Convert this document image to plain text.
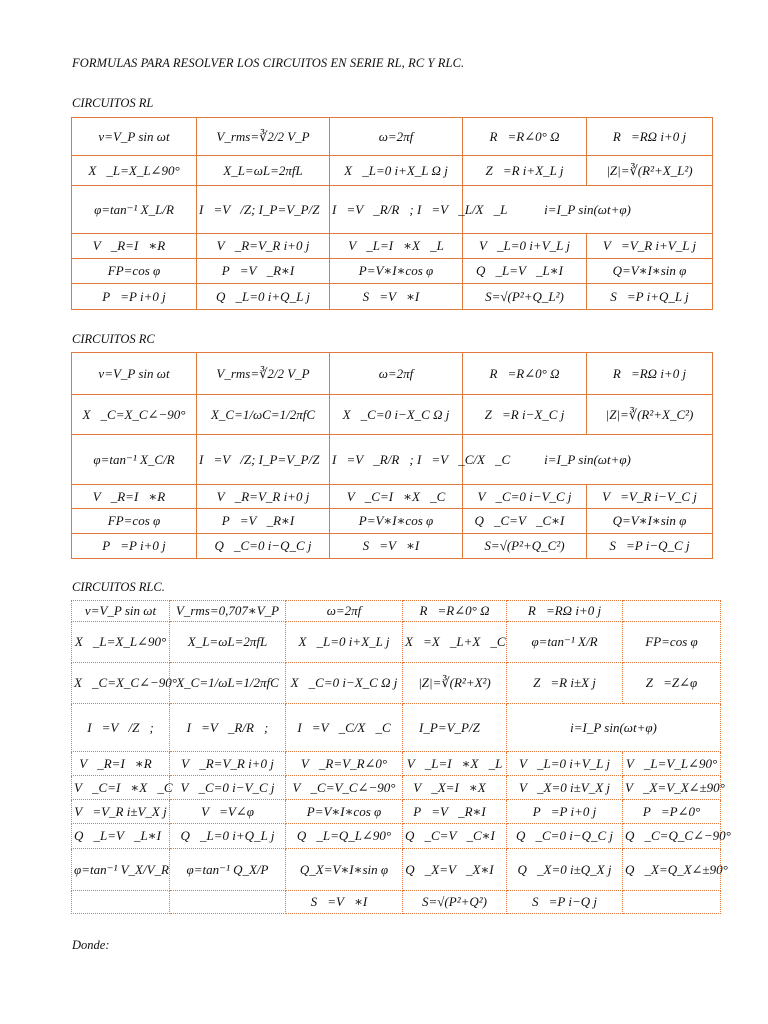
FORMULAS PARA RESOLVER LOS CIRCUITOS EN SERIE RL, RC Y RLC.
CIRCUITOS RL
v=V_P sin ωt	V_rms=∛2/2 V_P	ω=2πf	R⃗=R∠0° Ω	R⃗=RΩ i+0 j
X⃗_L=X_L∠90°	X_L=ωL=2πfL	X⃗_L=0 i+X_L Ω j	Z⃗=R i+X_L j	|Z|=∛(R²+X_L²)
φ=tan⁻¹ X_L/R	I⃗=V⃗/Z; I_P=V_P/Z⃗	I⃗=V⃗_R/R⃗; I⃗=V⃗_L/X⃗_L	i=I_P sin(ωt+φ)	
V⃗_R=I⃗∗R⃗	V⃗_R=V_R i+0 j	V⃗_L=I⃗∗X⃗_L	V⃗_L=0 i+V_L j	V⃗=V_R i+V_L j
FP=cos φ	P⃗=V⃗_R∗I⃗	P=V∗I∗cos φ	Q⃗_L=V⃗_L∗I⃗	Q=V∗I∗sin φ
P⃗=P i+0 j	Q⃗_L=0 i+Q_L j	S⃗=V⃗∗I⃗	S=√(P²+Q_L²)	S⃗=P i+Q_L j
CIRCUITOS RC
v=V_P sin ωt	V_rms=∛2/2 V_P	ω=2πf	R⃗=R∠0° Ω	R⃗=RΩ i+0 j
X⃗_C=X_C∠−90°	X_C=1/ωC=1/2πfC	X⃗_C=0 i−X_C Ω j	Z⃗=R i−X_C j	|Z|=∛(R²+X_C²)
φ=tan⁻¹ X_C/R	I⃗=V⃗/Z; I_P=V_P/Z⃗	I⃗=V⃗_R/R⃗; I⃗=V⃗_C/X⃗_C	i=I_P sin(ωt+φ)	
V⃗_R=I⃗∗R⃗	V⃗_R=V_R i+0 j	V⃗_C=I⃗∗X⃗_C	V⃗_C=0 i−V_C j	V⃗=V_R i−V_C j
FP=cos φ	P⃗=V⃗_R∗I⃗	P=V∗I∗cos φ	Q⃗_C=V⃗_C∗I⃗	Q=V∗I∗sin φ
P⃗=P i+0 j	Q⃗_C=0 i−Q_C j	S⃗=V⃗∗I⃗	S=√(P²+Q_C²)	S⃗=P i−Q_C j
CIRCUITOS RLC.
v=V_P sin ωt	V_rms=0,707∗V_P	ω=2πf	R⃗=R∠0° Ω	R⃗=RΩ i+0 j	
X⃗_L=X_L∠90°	X_L=ωL=2πfL	X⃗_L=0 i+X_L j	X⃗=X⃗_L+X⃗_C	φ=tan⁻¹ X/R	FP=cos φ
X⃗_C=X_C∠−90°	X_C=1/ωL=1/2πfC	X⃗_C=0 i−X_C Ω j	|Z|=∛(R²+X²)	Z⃗=R i±X j	Z⃗=Z∠φ
I⃗=V⃗/Z⃗;	I⃗=V⃗_R/R⃗;	I⃗=V⃗_C/X⃗_C	I_P=V_P/Z⃗	i=I_P sin(ωt+φ)	
V⃗_R=I⃗∗R⃗	V⃗_R=V_R i+0 j	V⃗_R=V_R∠0°	V⃗_L=I⃗∗X⃗_L	V⃗_L=0 i+V_L j	V⃗_L=V_L∠90°
V⃗_C=I⃗∗X⃗_C	V⃗_C=0 i−V_C j	V⃗_C=V_C∠−90°	V⃗_X=I⃗∗X⃗	V⃗_X=0 i±V_X j	V⃗_X=V_X∠±90°
V⃗=V_R i±V_X j	V⃗=V∠φ	P=V∗I∗cos φ	P⃗=V⃗_R∗I⃗	P⃗=P i+0 j	P⃗=P∠0°
Q⃗_L=V⃗_L∗I⃗	Q⃗_L=0 i+Q_L j	Q⃗_L=Q_L∠90°	Q⃗_C=V⃗_C∗I⃗	Q⃗_C=0 i−Q_C j	Q⃗_C=Q_C∠−90°
φ=tan⁻¹ V_X/V_R	φ=tan⁻¹ Q_X/P	Q_X=V∗I∗sin φ	Q⃗_X=V⃗_X∗I⃗	Q⃗_X=0 i±Q_X j	Q⃗_X=Q_X∠±90°
		S⃗=V⃗∗I⃗	S=√(P²+Q²)	S⃗=P i−Q j	
Donde:
